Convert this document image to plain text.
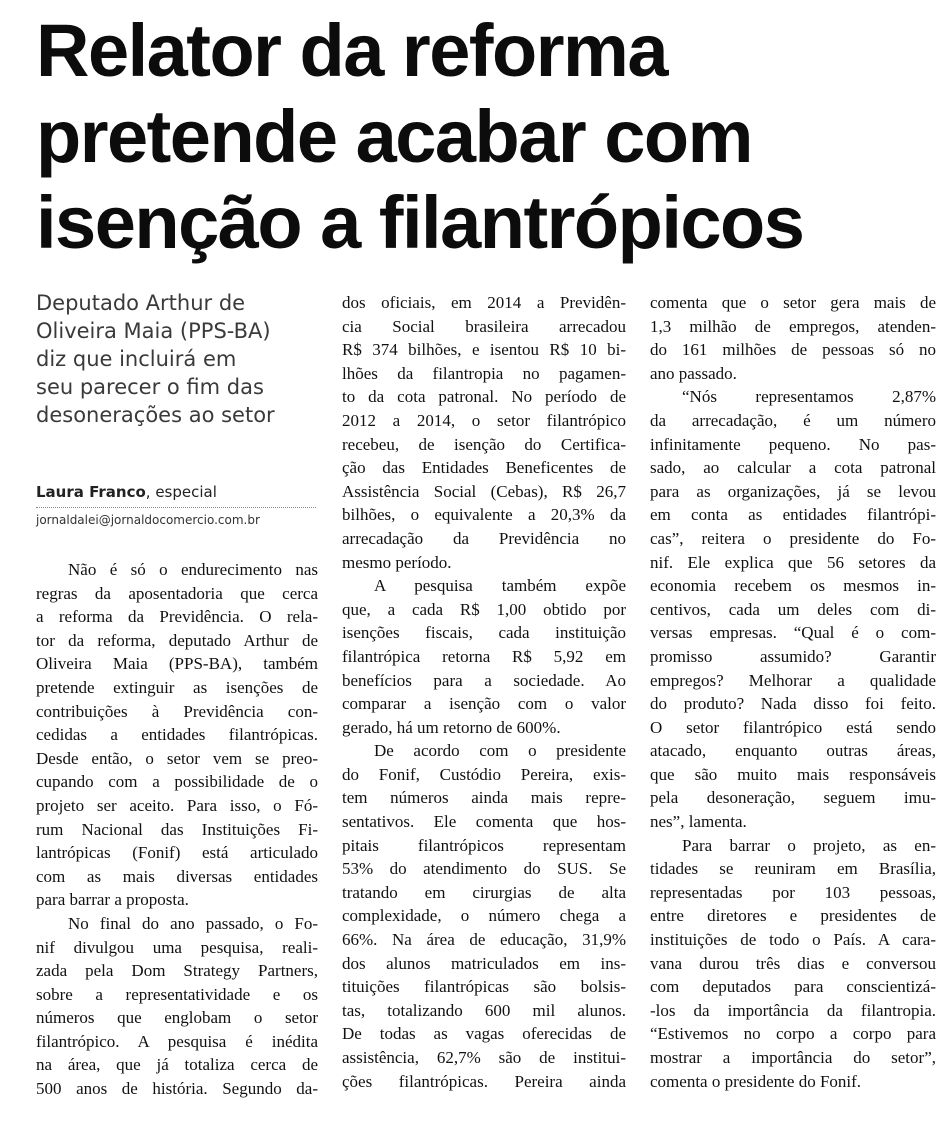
Relator da reforma
pretende acabar com
isenção a filantrópicos

Deputado Arthur de
Oliveira Maia (PPS-BA)
diz que incluirá em
seu parecer o fim das
desonerações ao setor

Laura Franco, especial
jornaldalei@jornaldocomercio.com.br
Não é só o endurecimento nas
regras da aposentadoria que cerca
a reforma da Previdência. O rela-
tor da reforma, deputado Arthur de
Oliveira Maia (PPS-BA), também
pretende extinguir as isenções de
contribuições à Previdência con-
cedidas a entidades filantrópicas.
Desde então, o setor vem se preo-
cupando com a possibilidade de o
projeto ser aceito. Para isso, o Fó-
rum Nacional das Instituições Fi-
lantrópicas (Fonif) está articulado
com as mais diversas entidades
para barrar a proposta.
No final do ano passado, o Fo-
nif divulgou uma pesquisa, reali-
zada pela Dom Strategy Partners,
sobre a representatividade e os
números que englobam o setor
filantrópico. A pesquisa é inédita
na área, que já totaliza cerca de
500 anos de história. Segundo da-
dos oficiais, em 2014 a Previdên-
cia Social brasileira arrecadou
R$ 374 bilhões, e isentou R$ 10 bi-
lhões da filantropia no pagamen-
to da cota patronal. No período de
2012 a 2014, o setor filantrópico
recebeu, de isenção do Certifica-
ção das Entidades Beneficentes de
Assistência Social (Cebas), R$ 26,7
bilhões, o equivalente a 20,3% da
arrecadação da Previdência no
mesmo período.
A pesquisa também expõe
que, a cada R$ 1,00 obtido por
isenções fiscais, cada instituição
filantrópica retorna R$ 5,92 em
benefícios para a sociedade. Ao
comparar a isenção com o valor
gerado, há um retorno de 600%.
De acordo com o presidente
do Fonif, Custódio Pereira, exis-
tem números ainda mais repre-
sentativos. Ele comenta que hos-
pitais filantrópicos representam
53% do atendimento do SUS. Se
tratando em cirurgias de alta
complexidade, o número chega a
66%. Na área de educação, 31,9%
dos alunos matriculados em ins-
tituições filantrópicas são bolsis-
tas, totalizando 600 mil alunos.
De todas as vagas oferecidas de
assistência, 62,7% são de institui-
ções filantrópicas. Pereira ainda
comenta que o setor gera mais de
1,3 milhão de empregos, atenden-
do 161 milhões de pessoas só no
ano passado.
“Nós representamos 2,87%
da arrecadação, é um número
infinitamente pequeno. No pas-
sado, ao calcular a cota patronal
para as organizações, já se levou
em conta as entidades filantrópi-
cas”, reitera o presidente do Fo-
nif. Ele explica que 56 setores da
economia recebem os mesmos in-
centivos, cada um deles com di-
versas empresas. “Qual é o com-
promisso assumido? Garantir
empregos? Melhorar a qualidade
do produto? Nada disso foi feito.
O setor filantrópico está sendo
atacado, enquanto outras áreas,
que são muito mais responsáveis
pela desoneração, seguem imu-
nes”, lamenta.
Para barrar o projeto, as en-
tidades se reuniram em Brasília,
representadas por 103 pessoas,
entre diretores e presidentes de
instituições de todo o País. A cara-
vana durou três dias e conversou
com deputados para conscientizá-
-los da importância da filantropia.
“Estivemos no corpo a corpo para
mostrar a importância do setor”,
comenta o presidente do Fonif.
